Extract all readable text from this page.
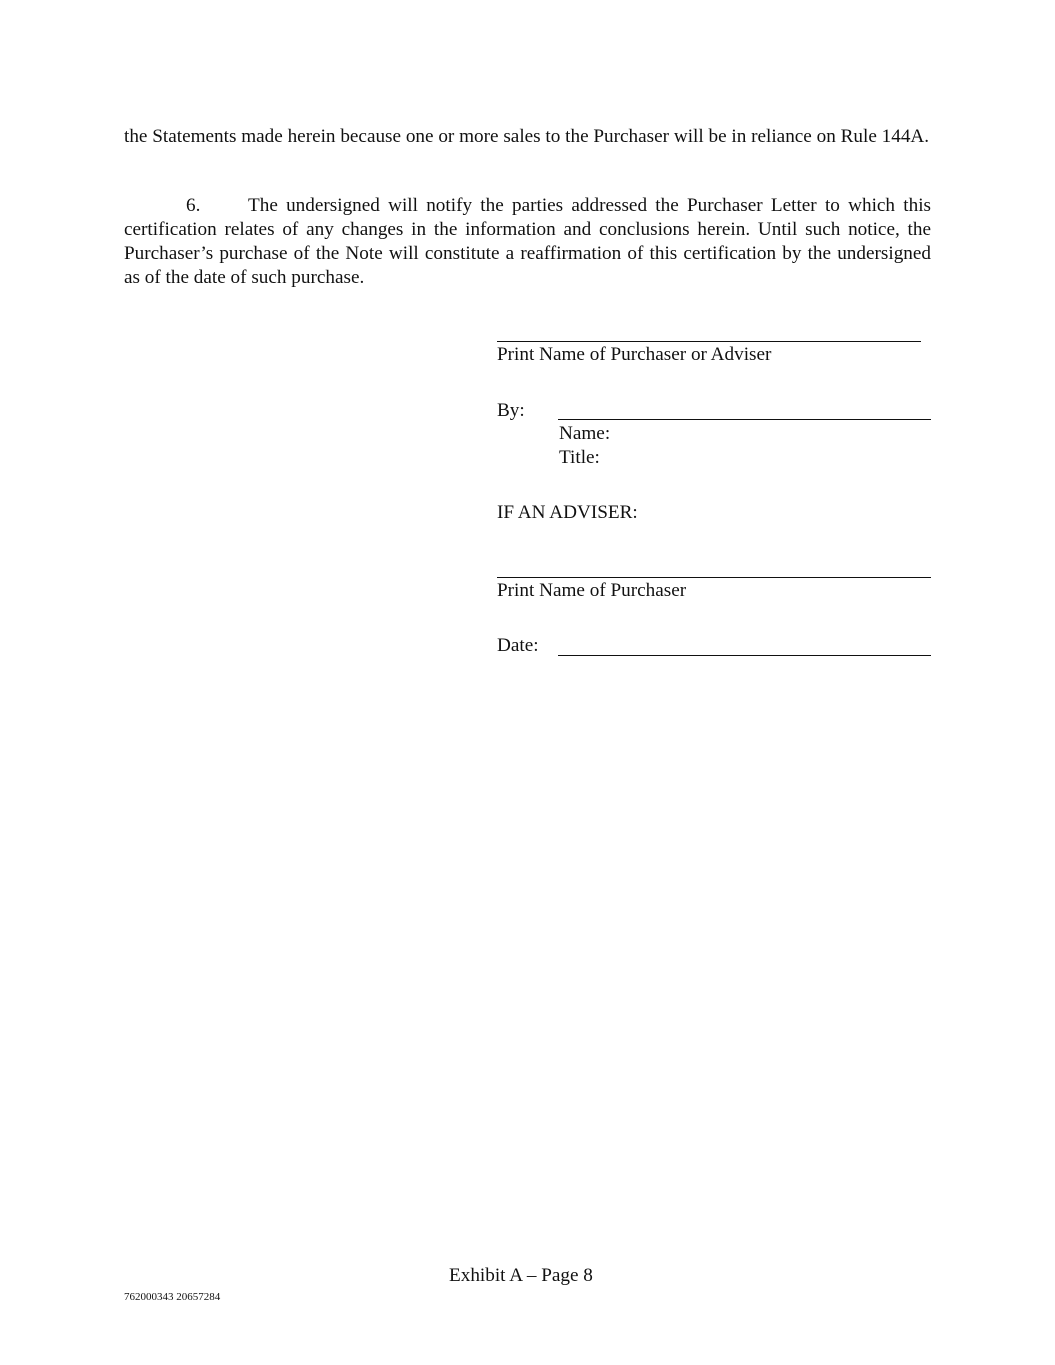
the Statements made herein because one or more sales to the Purchaser will be in reliance on Rule 144A.

6. The undersigned will notify the parties addressed the Purchaser Letter to which this certification relates of any changes in the information and conclusions herein. Until such notice, the Purchaser’s purchase of the Note will constitute a reaffirmation of this certification by the undersigned as of the date of such purchase.

Print Name of Purchaser or Adviser
By:
Name:
Title:
IF AN ADVISER:
Print Name of Purchaser
Date:
Exhibit A – Page 8
762000343 20657284
